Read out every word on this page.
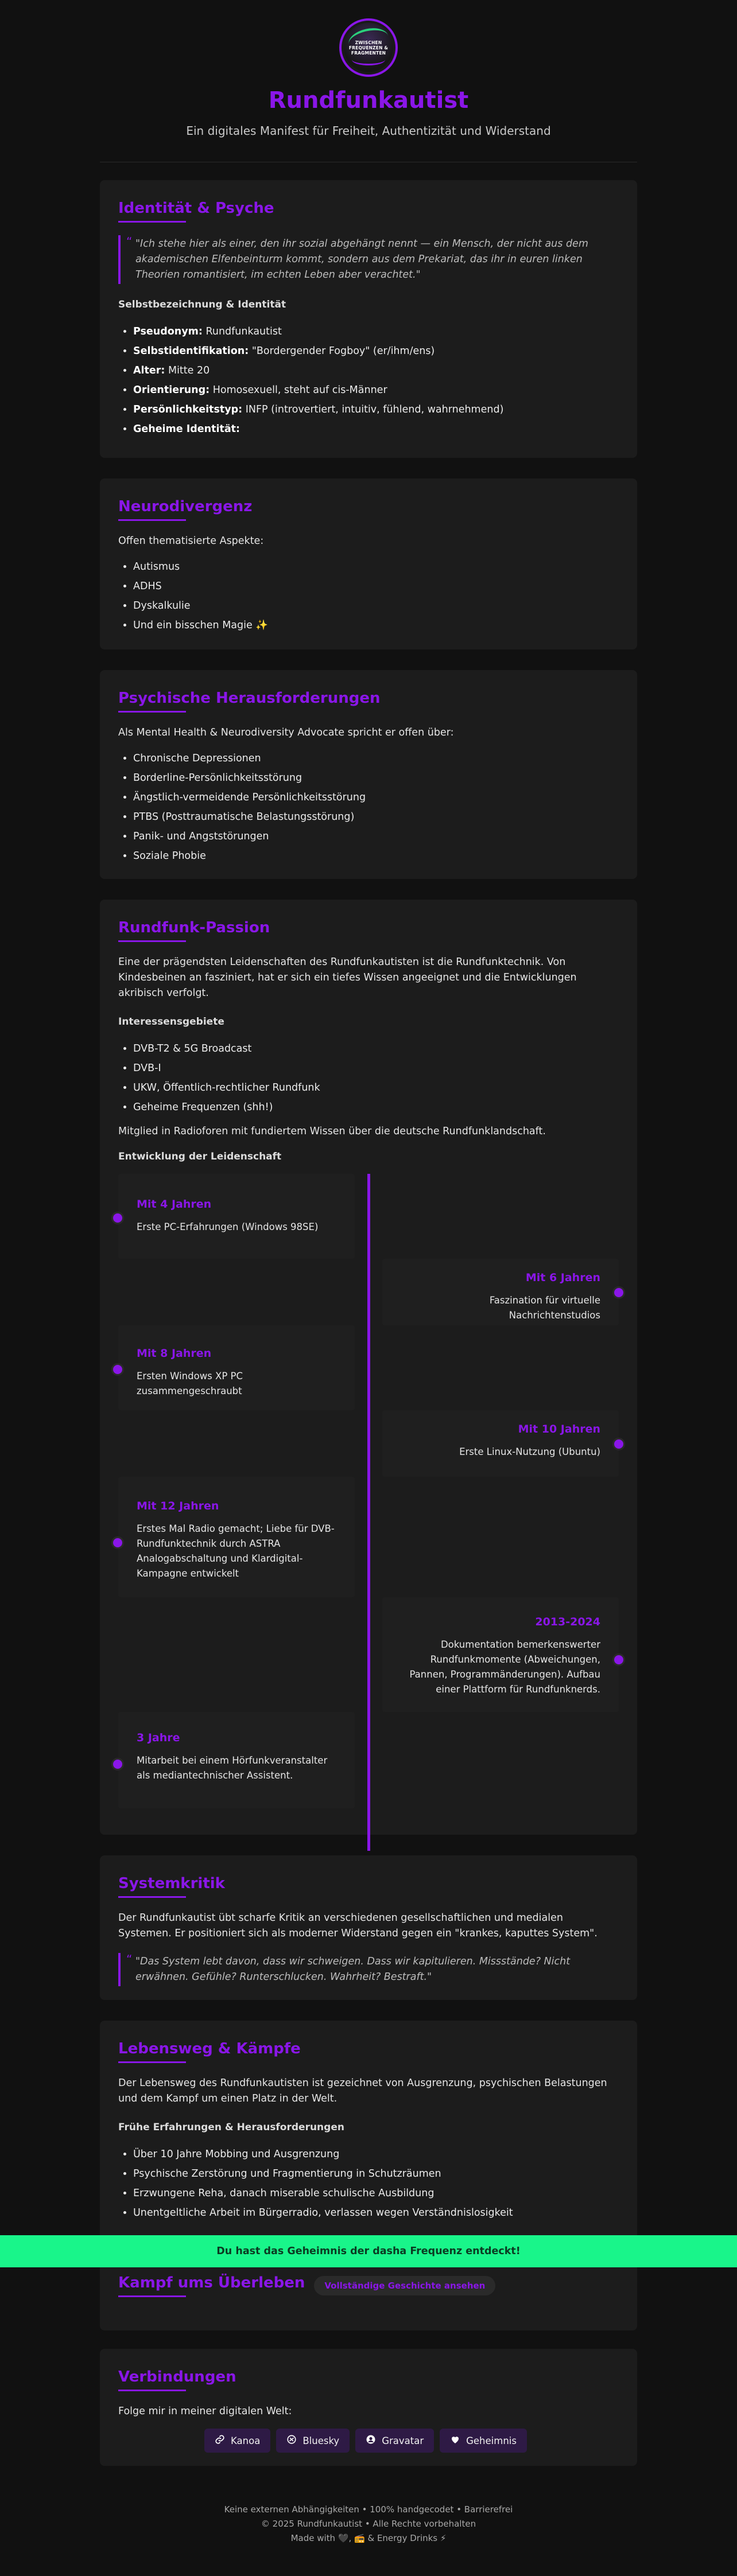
ZWISCHEN FREQUENZEN & FRAGMENTEN
Rundfunkautist
Ein digitales Manifest für Freiheit, Authentizität und Widerstand
Identität & Psyche
“ "Ich stehe hier als einer, den ihr sozial abgehängt nennt — ein Mensch, der nicht aus dem akademischen Elfenbeinturm kommt, sondern aus dem Prekariat, das ihr in euren linken Theorien romantisiert, im echten Leben aber verachtet."
Selbstbezeichnung & Identität
• Pseudonym: Rundfunkautist
• Selbstidentifikation: "Bordergender Fogboy" (er/ihm/ens)
• Alter: Mitte 20
• Orientierung: Homosexuell, steht auf cis-Männer
• Persönlichkeitstyp: INFP (introvertiert, intuitiv, fühlend, wahrnehmend)
• Geheime Identität:
Neurodivergenz

Offen thematisierte Aspekte:

• Autismus
• ADHS
• Dyskalkulie
• Und ein bisschen Magie ✨
Psychische Herausforderungen

Als Mental Health & Neurodiversity Advocate spricht er offen über:

• Chronische Depressionen
• Borderline-Persönlichkeitsstörung
• Ängstlich-vermeidende Persönlichkeitsstörung
• PTBS (Posttraumatische Belastungsstörung)
• Panik- und Angststörungen
• Soziale Phobie
Rundfunk-Passion

Eine der prägendsten Leidenschaften des Rundfunkautisten ist die Rundfunktechnik. Von Kindesbeinen an fasziniert, hat er sich ein tiefes Wissen angeeignet und die Entwicklungen akribisch verfolgt.

Interessensgebiete
• DVB-T2 & 5G Broadcast
• DVB-I
• UKW, Öffentlich-rechtlicher Rundfunk
• Geheime Frequenzen (shh!)

Mitglied in Radioforen mit fundiertem Wissen über die deutsche Rundfunklandschaft.

Entwicklung der Leidenschaft
Mit 4 Jahren
Erste PC-Erfahrungen (Windows 98SE)
Mit 6 Jahren
Faszination für virtuelle Nachrichtenstudios
Mit 8 Jahren
Ersten Windows XP PC zusammengeschraubt
Mit 10 Jahren
Erste Linux-Nutzung (Ubuntu)
Mit 12 Jahren
Erstes Mal Radio gemacht; Liebe für DVB-Rundfunktechnik durch ASTRA Analogabschaltung und Klardigital-Kampagne entwickelt
2013-2024
Dokumentation bemerkenswerter Rundfunkmomente (Abweichungen, Pannen, Programmänderungen). Aufbau einer Plattform für Rundfunknerds.
3 Jahre
Mitarbeit bei einem Hörfunkveranstalter als mediantechnischer Assistent.
Systemkritik

Der Rundfunkautist übt scharfe Kritik an verschiedenen gesellschaftlichen und medialen Systemen. Er positioniert sich als moderner Widerstand gegen ein "krankes, kaputtes System".

“ "Das System lebt davon, dass wir schweigen. Dass wir kapitulieren. Missstände? Nicht erwähnen. Gefühle? Runterschlucken. Wahrheit? Bestraft."
Lebensweg & Kämpfe

Der Lebensweg des Rundfunkautisten ist gezeichnet von Ausgrenzung, psychischen Belastungen und dem Kampf um einen Platz in der Welt.

Frühe Erfahrungen & Herausforderungen
• Über 10 Jahre Mobbing und Ausgrenzung
• Psychische Zerstörung und Fragmentierung in Schutzräumen
• Erzwungene Reha, danach miserable schulische Ausbildung
• Unentgeltliche Arbeit im Bürgerradio, verlassen wegen Verständnislosigkeit
Kampf ums Überleben	Vollständige Geschichte ansehen
Du hast das Geheimnis der dasha Frequenz entdeckt!
Verbindungen

Folge mir in meiner digitalen Welt:

Kanoa	Bluesky	Gravatar	Geheimnis
Keine externen Abhängigkeiten • 100% handgecodet • Barrierefrei
© 2025 Rundfunkautist • Alle Rechte vorbehalten
Made with 🖤, 📻 & Energy Drinks ⚡
